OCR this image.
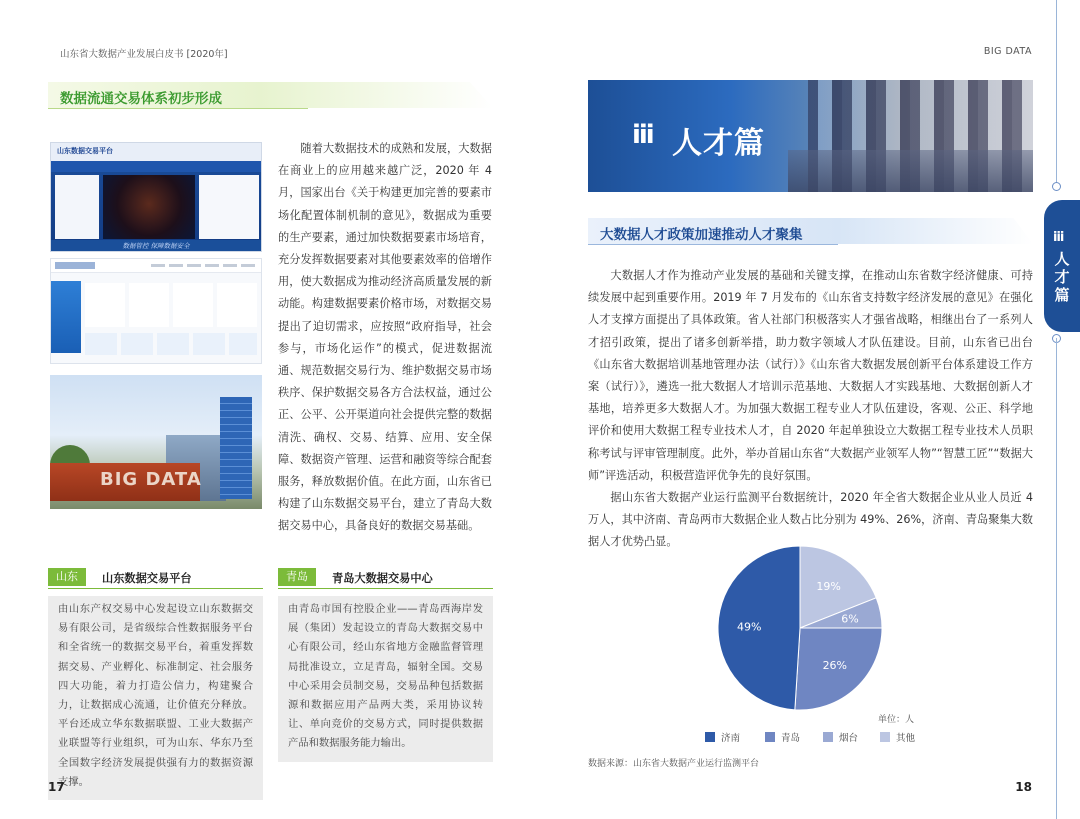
山东省大数据产业发展白皮书 [2020年]	BIG DATA
数据流通交易体系初步形成
山东数据交易平台
数据管控 保障数据安全
BIG DATA

随着大数据技术的成熟和发展，大数据在商业上的应用越来越广泛，2020 年 4 月，国家出台《关于构建更加完善的要素市场化配置体制机制的意见》，数据成为重要的生产要素，通过加快数据要素市场培育，充分发挥数据要素对其他要素效率的倍增作用，使大数据成为推动经济高质量发展的新动能。构建数据要素价格市场，对数据交易提出了迫切需求，应按照“政府指导，社会参与，市场化运作”的模式，促进数据流通、规范数据交易行为、维护数据交易市场秩序、保护数据交易各方合法权益，通过公正、公平、公开渠道向社会提供完整的数据清洗、确权、交易、结算、应用、安全保障、数据资产管理、运营和融资等综合配套服务，释放数据价值。在此方面，山东省已构建了山东数据交易平台，建立了青岛大数据交易中心，具备良好的数据交易基础。

山东	山东数据交易平台
由山东产权交易中心发起设立山东数据交易有限公司，是省级综合性数据服务平台和全省统一的数据交易平台，着重发挥数据交易、产业孵化、标准制定、社会服务四大功能，着力打造公信力，构建聚合力，让数据成心流通，让价值充分释放。平台还成立华东数据联盟、工业大数据产业联盟等行业组织，可为山东、华东乃至全国数字经济发展提供强有力的数据资源支撑。
青岛	青岛大数据交易中心
由青岛市国有控股企业——青岛西海岸发展（集团）发起设立的青岛大数据交易中心有限公司，经山东省地方金融监督管理局批准设立，立足青岛，辐射全国。交易中心采用会员制交易，交易品种包括数据源和数据应用产品两大类，采用协议转让、单向竞价的交易方式，同时提供数据产品和数据服务能力输出。
17
ⅲ 人才篇
大数据人才政策加速推动人才聚集

大数据人才作为推动产业发展的基础和关键支撑，在推动山东省数字经济健康、可持续发展中起到重要作用。2019 年 7 月发布的《山东省支持数字经济发展的意见》在强化人才支撑方面提出了具体政策。省人社部门积极落实人才强省战略，相继出台了一系列人才招引政策，提出了诸多创新举措，助力数字领域人才队伍建设。目前，山东省已出台《山东省大数据培训基地管理办法（试行）》《山东省大数据发展创新平台体系建设工作方案（试行）》，遴选一批大数据人才培训示范基地、大数据人才实践基地、大数据创新人才基地，培养更多大数据人才。为加强大数据工程专业人才队伍建设，客观、公正、科学地评价和使用大数据工程专业技术人才，自 2020 年起单独设立大数据工程专业技术人员职称考试与评审管理制度。此外，举办首届山东省“大数据产业领军人物”“智慧工匠”“数据大师”评选活动，积极营造评优争先的良好氛围。

据山东省大数据产业运行监测平台数据统计，2020 年全省大数据企业从业人员近 4 万人，其中济南、青岛两市大数据企业人数占比分别为 49%、26%，济南、青岛聚集大数据人才优势凸显。

ⅲ
人
才
篇
19%
6%
26%
49%
单位：人
济南	青岛	烟台	其他
数据来源：山东省大数据产业运行监测平台
18
